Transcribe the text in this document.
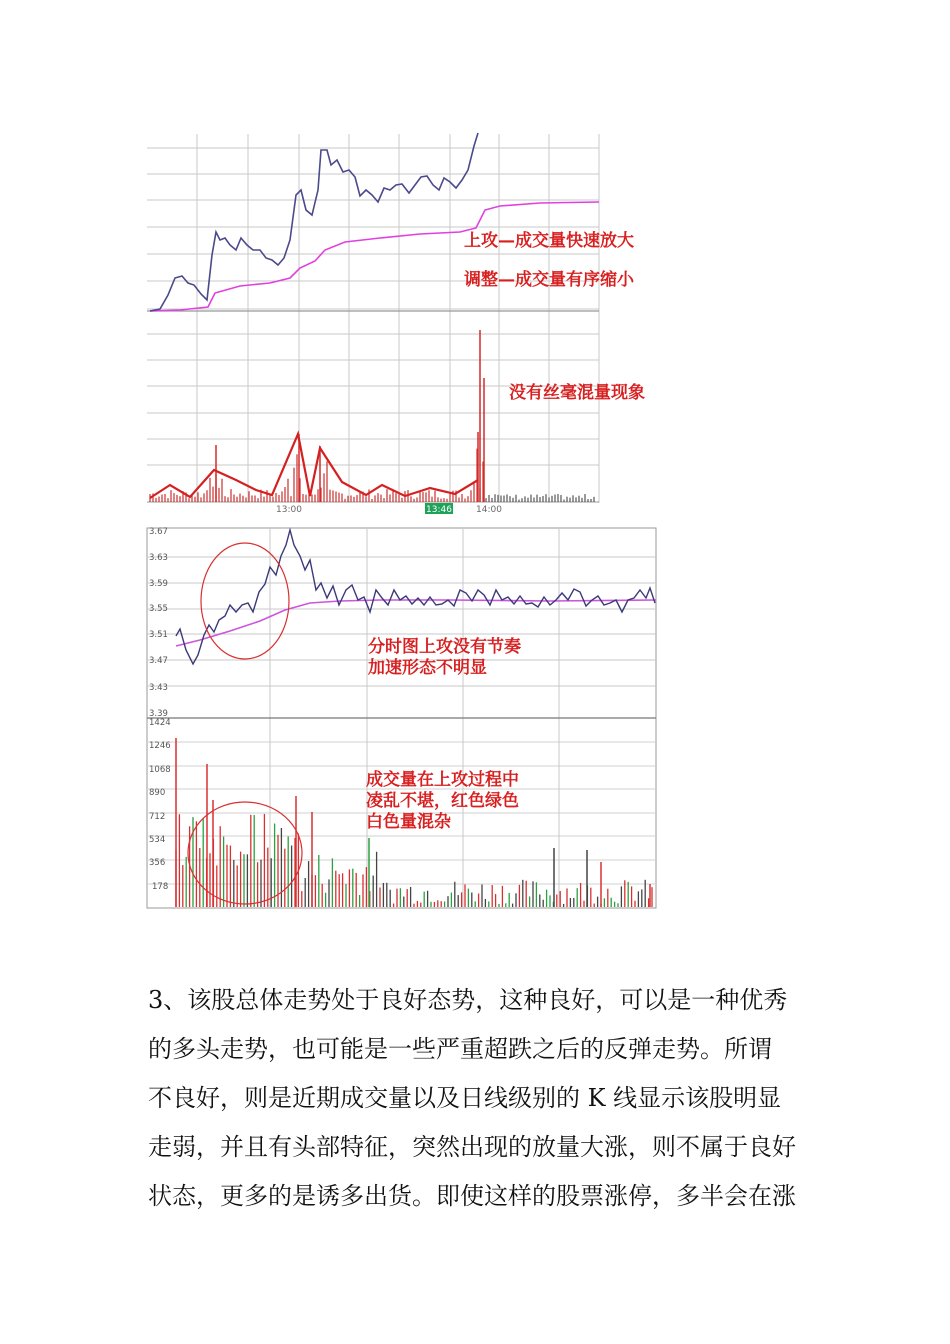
13:00	13:46	14:00
上攻—成交量快速放大
调整—成交量有序缩小
没有丝毫混量现象
3.67
3.63
3.59
3.55
3.51
3.47
3.43
3.39
1424
1246
1068
890
712
534
356
178
分时图上攻没有节奏
加速形态不明显
成交量在上攻过程中
凌乱不堪，红色绿色
白色量混杂

3、该股总体走势处于良好态势，这种良好，可以是一种优秀
的多头走势，也可能是一些严重超跌之后的反弹走势。所谓
不良好，则是近期成交量以及日线级别的 K 线显示该股明显
走弱，并且有头部特征，突然出现的放量大涨，则不属于良好
状态，更多的是诱多出货。即使这样的股票涨停，多半会在涨
